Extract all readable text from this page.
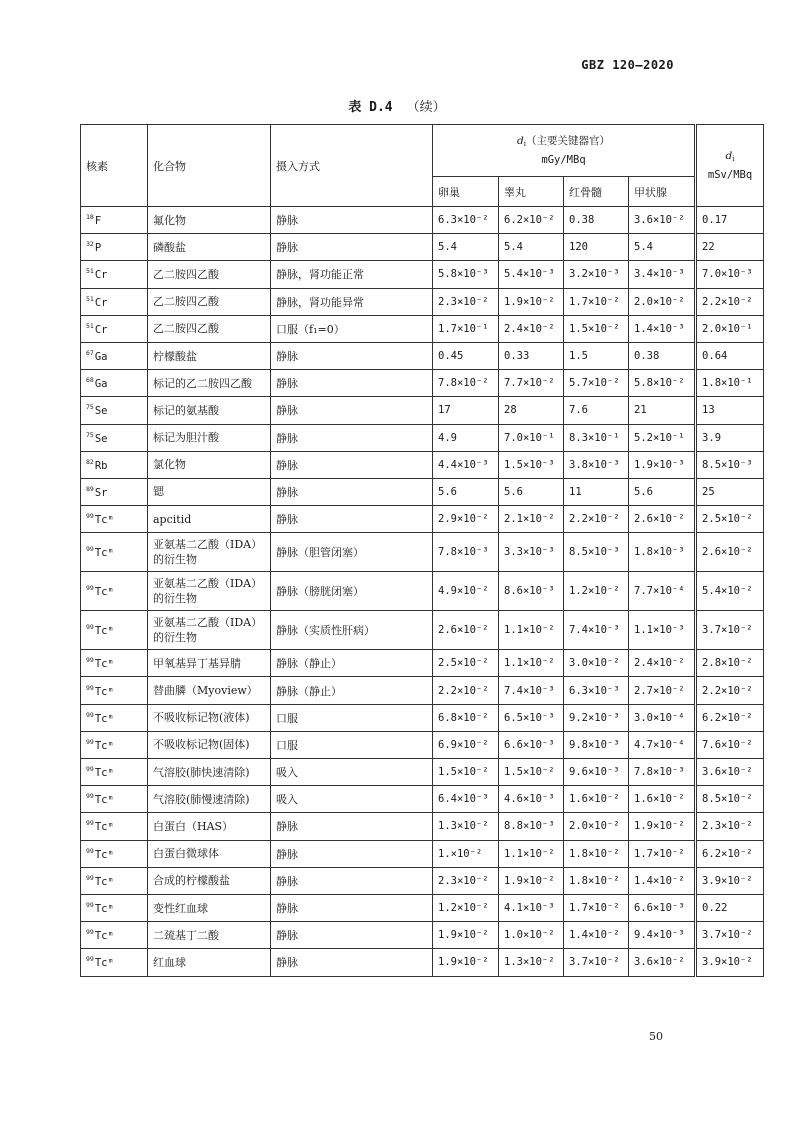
GBZ 120—2020
表 D.4 （续）
核素	化合物	摄入方式	$d_i$（主要关键器官）
mGy/MBq				$d_i$
mSv/MBq
			卵巢	睾丸	红骨髓	甲状腺	
$^{18}$F	氟化物	静脉	6.3×10⁻²	6.2×10⁻²	0.38	3.6×10⁻²	0.17
$^{32}$P	磷酸盐	静脉	5.4	5.4	120	5.4	22
$^{51}$Cr	乙二胺四乙酸	静脉，肾功能正常	5.8×10⁻³	5.4×10⁻³	3.2×10⁻³	3.4×10⁻³	7.0×10⁻³
$^{51}$Cr	乙二胺四乙酸	静脉，肾功能异常	2.3×10⁻²	1.9×10⁻²	1.7×10⁻²	2.0×10⁻²	2.2×10⁻²
$^{51}$Cr	乙二胺四乙酸	口服（f₁=0）	1.7×10⁻¹	2.4×10⁻²	1.5×10⁻²	1.4×10⁻³	2.0×10⁻¹
$^{67}$Ga	柠檬酸盐	静脉	0.45	0.33	1.5	0.38	0.64
$^{68}$Ga	标记的乙二胺四乙酸	静脉	7.8×10⁻²	7.7×10⁻²	5.7×10⁻²	5.8×10⁻²	1.8×10⁻¹
$^{75}$Se	标记的氨基酸	静脉	17	28	7.6	21	13
$^{75}$Se	标记为胆汁酸	静脉	4.9	7.0×10⁻¹	8.3×10⁻¹	5.2×10⁻¹	3.9
$^{82}$Rb	氯化物	静脉	4.4×10⁻³	1.5×10⁻³	3.8×10⁻³	1.9×10⁻³	8.5×10⁻³
$^{89}$Sr	锶	静脉	5.6	5.6	11	5.6	25
$^{99}$Tcᵐ	apcitid	静脉	2.9×10⁻²	2.1×10⁻²	2.2×10⁻²	2.6×10⁻²	2.5×10⁻²
$^{99}$Tcᵐ	亚氨基二乙酸（IDA）的衍生物	静脉（胆管闭塞）	7.8×10⁻³	3.3×10⁻³	8.5×10⁻³	1.8×10⁻³	2.6×10⁻²
$^{99}$Tcᵐ	亚氨基二乙酸（IDA）的衍生物	静脉（膀胱闭塞）	4.9×10⁻²	8.6×10⁻³	1.2×10⁻²	7.7×10⁻⁴	5.4×10⁻²
$^{99}$Tcᵐ	亚氨基二乙酸（IDA）的衍生物	静脉（实质性肝病）	2.6×10⁻²	1.1×10⁻²	7.4×10⁻³	1.1×10⁻³	3.7×10⁻²
$^{99}$Tcᵐ	甲氧基异丁基异腈	静脉（静止）	2.5×10⁻²	1.1×10⁻²	3.0×10⁻²	2.4×10⁻²	2.8×10⁻²
$^{99}$Tcᵐ	替曲膦（Myoview）	静脉（静止）	2.2×10⁻²	7.4×10⁻³	6.3×10⁻³	2.7×10⁻²	2.2×10⁻²
$^{99}$Tcᵐ	不吸收标记物(液体)	口服	6.8×10⁻²	6.5×10⁻³	9.2×10⁻³	3.0×10⁻⁴	6.2×10⁻²
$^{99}$Tcᵐ	不吸收标记物(固体)	口服	6.9×10⁻²	6.6×10⁻³	9.8×10⁻³	4.7×10⁻⁴	7.6×10⁻²
$^{99}$Tcᵐ	气溶胶(肺快速清除)	吸入	1.5×10⁻²	1.5×10⁻²	9.6×10⁻³	7.8×10⁻³	3.6×10⁻²
$^{99}$Tcᵐ	气溶胶(肺慢速清除)	吸入	6.4×10⁻³	4.6×10⁻³	1.6×10⁻²	1.6×10⁻²	8.5×10⁻²
$^{99}$Tcᵐ	白蛋白（HAS）	静脉	1.3×10⁻²	8.8×10⁻³	2.0×10⁻²	1.9×10⁻²	2.3×10⁻²
$^{99}$Tcᵐ	白蛋白微球体	静脉	1.×10⁻²	1.1×10⁻²	1.8×10⁻²	1.7×10⁻²	6.2×10⁻²
$^{99}$Tcᵐ	合成的柠檬酸盐	静脉	2.3×10⁻²	1.9×10⁻²	1.8×10⁻²	1.4×10⁻²	3.9×10⁻²
$^{99}$Tcᵐ	变性红血球	静脉	1.2×10⁻²	4.1×10⁻³	1.7×10⁻²	6.6×10⁻³	0.22
$^{99}$Tcᵐ	二巯基丁二酸	静脉	1.9×10⁻²	1.0×10⁻²	1.4×10⁻²	9.4×10⁻³	3.7×10⁻²
$^{99}$Tcᵐ	红血球	静脉	1.9×10⁻²	1.3×10⁻²	3.7×10⁻²	3.6×10⁻²	3.9×10⁻²
50
